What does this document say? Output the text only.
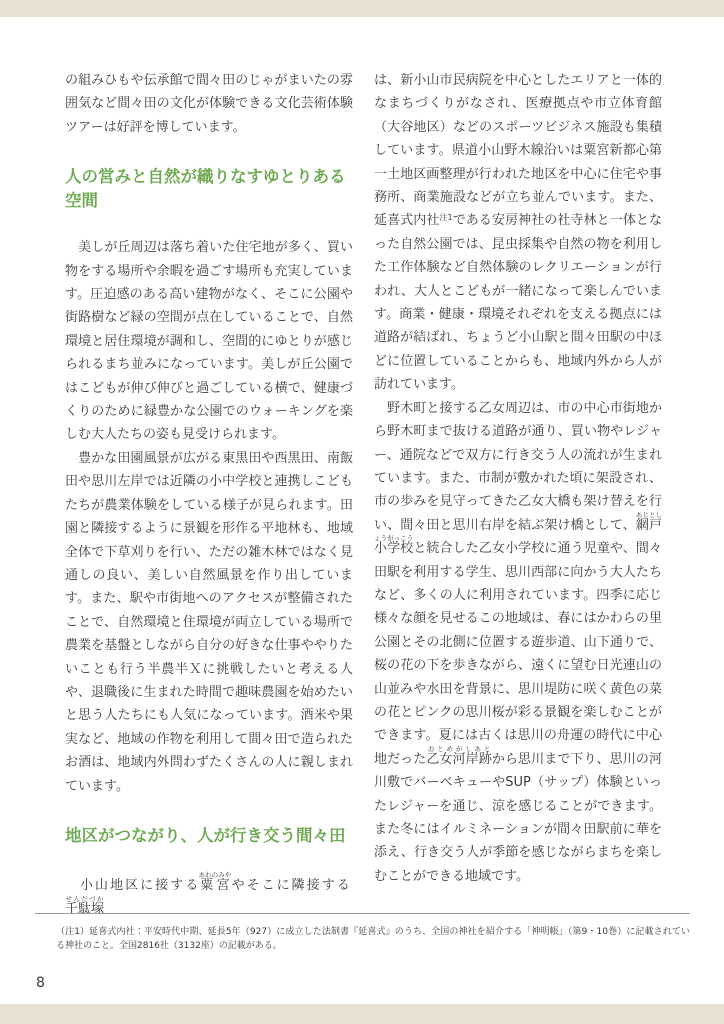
の組みひもや伝承館で間々田のじゃがまいたの雰囲気など間々田の文化が体験できる文化芸術体験ツアーは好評を博しています。

人の営みと自然が織りなすゆとりある空間

　美しが丘周辺は落ち着いた住宅地が多く、買い物をする場所や余暇を過ごす場所も充実しています。圧迫感のある高い建物がなく、そこに公園や街路樹など緑の空間が点在していることで、自然環境と居住環境が調和し、空間的にゆとりが感じられるまち並みになっています。美しが丘公園ではこどもが伸び伸びと過ごしている横で、健康づくりのために緑豊かな公園でのウォーキングを楽しむ大人たちの姿も見受けられます。

　豊かな田園風景が広がる東黒田や西黒田、南飯田や思川左岸では近隣の小中学校と連携しこどもたちが農業体験をしている様子が見られます。田園と隣接するように景観を形作る平地林も、地域全体で下草刈りを行い、ただの雑木林ではなく見通しの良い、美しい自然風景を作り出しています。また、駅や市街地へのアクセスが整備されたことで、自然環境と住環境が両立している場所で農業を基盤としながら自分の好きな仕事ややりたいことも行う半農半Ｘに挑戦したいと考える人や、退職後に生まれた時間で趣味農園を始めたいと思う人たちにも人気になっています。酒米や果実など、地域の作物を利用して間々田で造られたお酒は、地域内外問わずたくさんの人に親しまれています。

地区がつながり、人が行き交う間々田

　小山地区に接する粟宮あわのみややそこに隣接する千駄塚せんだづか

は、新小山市民病院を中心としたエリアと一体的なまちづくりがなされ、医療拠点や市立体育館（大谷地区）などのスポーツビジネス施設も集積しています。県道小山野木線沿いは粟宮新都心第一土地区画整理が行われた地区を中心に住宅や事務所、商業施設などが立ち並んでいます。また、延喜式内社$^{注1}$である安房神社の社寺林と一体となった自然公園では、昆虫採集や自然の物を利用した工作体験など自然体験のレクリエーションが行われ、大人とこどもが一緒になって楽しんでいます。商業・健康・環境それぞれを支える拠点には道路が結ばれ、ちょうど小山駅と間々田駅の中ほどに位置していることからも、地域内外から人が訪れています。

　野木町と接する乙女周辺は、市の中心市街地から野木町まで抜ける道路が通り、買い物やレジャー、通院などで双方に行き交う人の流れが生まれています。また、市制が敷かれた頃に架設され、市の歩みを見守ってきた乙女大橋も架け替えを行い、間々田と思川右岸を結ぶ架け橋として、網戸小学校あじとしょうがっこうと統合した乙女小学校に通う児童や、間々田駅を利用する学生、思川西部に向かう大人たちなど、多くの人に利用されています。四季に応じ様々な顔を見せるこの地域は、春にはかわらの里公園とその北側に位置する遊歩道、山下通りで、桜の花の下を歩きながら、遠くに望む日光連山の山並みや水田を背景に、思川堤防に咲く黄色の菜の花とピンクの思川桜が彩る景観を楽しむことができます。夏には古くは思川の舟運の時代に中心地だった乙女河岸跡おとめがしあとから思川まで下り、思川の河川敷でバーベキューやSUP（サップ）体験といったレジャーを通じ、涼を感じることができます。また冬にはイルミネーションが間々田駅前に華を添え、行き交う人が季節を感じながらまちを楽しむことができる地域です。

（注1）延喜式内社：平安時代中期、延長5年（927）に成立した法制書『延喜式』のうち、全国の神社を紹介する「神明帳」（第9・10巻）に記載されている神社のこと。全国2816社（3132座）の記載がある。
8
